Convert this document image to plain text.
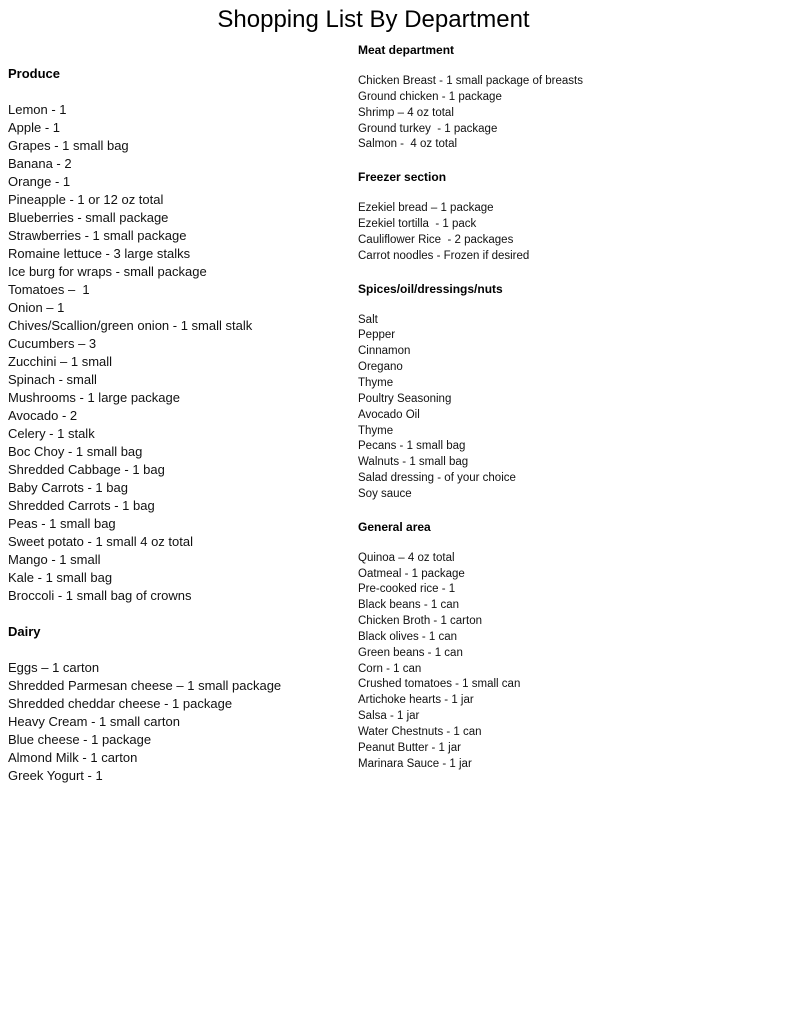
Shopping List By Department
Produce
Lemon - 1
Apple - 1
Grapes - 1 small bag
Banana - 2
Orange - 1
Pineapple - 1 or 12 oz total
Blueberries - small package
Strawberries - 1 small package
Romaine lettuce - 3 large stalks
Ice burg for wraps - small package
Tomatoes –  1
Onion – 1
Chives/Scallion/green onion - 1 small stalk
Cucumbers – 3
Zucchini – 1 small
Spinach - small
Mushrooms - 1 large package
Avocado - 2
Celery - 1 stalk
Boc Choy - 1 small bag
Shredded Cabbage - 1 bag
Baby Carrots - 1 bag
Shredded Carrots - 1 bag
Peas - 1 small bag
Sweet potato - 1 small 4 oz total
Mango - 1 small
Kale - 1 small bag
Broccoli - 1 small bag of crowns
Dairy
Eggs – 1 carton
Shredded Parmesan cheese – 1 small package
Shredded cheddar cheese - 1 package
Heavy Cream - 1 small carton
Blue cheese - 1 package
Almond Milk - 1 carton
Greek Yogurt - 1
Meat department
Chicken Breast - 1 small package of breasts
Ground chicken - 1 package
Shrimp – 4 oz total
Ground turkey  - 1 package
Salmon -  4 oz total
Freezer section
Ezekiel bread – 1 package
Ezekiel tortilla  - 1 pack
Cauliflower Rice  - 2 packages
Carrot noodles - Frozen if desired
Spices/oil/dressings/nuts
Salt
Pepper
Cinnamon
Oregano
Thyme
Poultry Seasoning
Avocado Oil
Thyme
Pecans - 1 small bag
Walnuts - 1 small bag
Salad dressing - of your choice
Soy sauce
General area
Quinoa – 4 oz total
Oatmeal - 1 package
Pre-cooked rice - 1
Black beans - 1 can
Chicken Broth - 1 carton
Black olives - 1 can
Green beans - 1 can
Corn - 1 can
Crushed tomatoes - 1 small can
Artichoke hearts - 1 jar
Salsa - 1 jar
Water Chestnuts - 1 can
Peanut Butter - 1 jar
Marinara Sauce - 1 jar
